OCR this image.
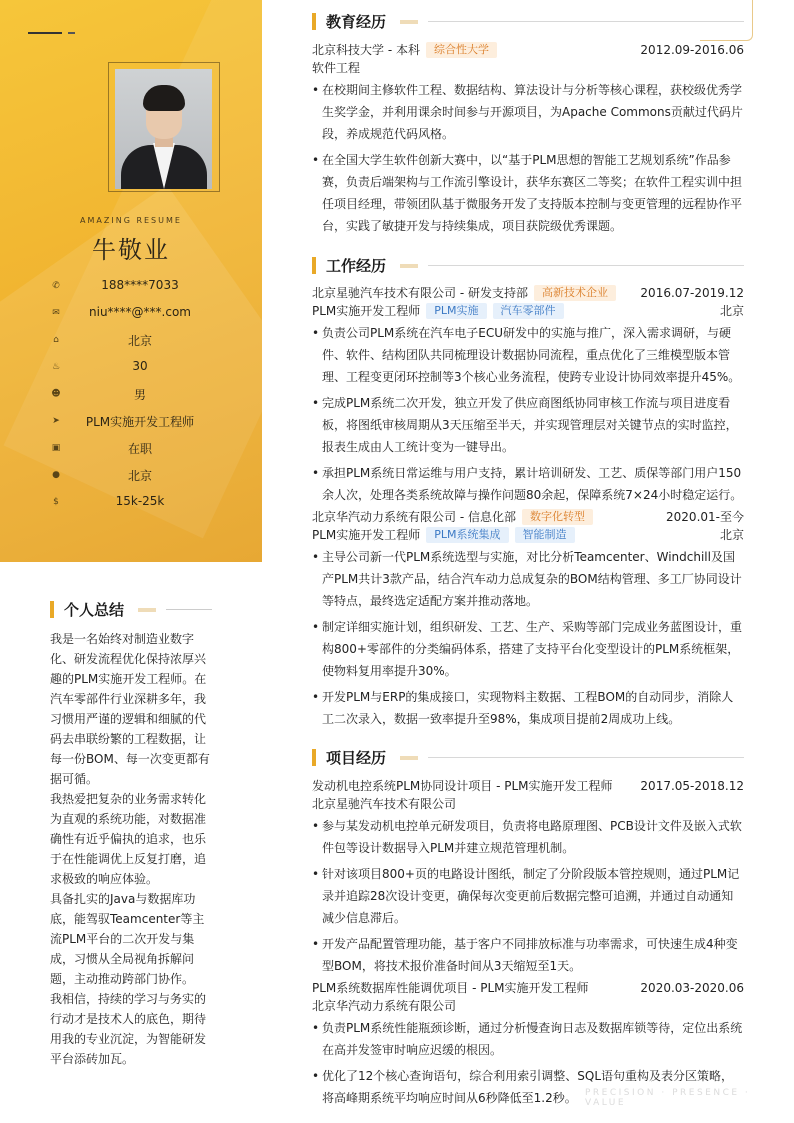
AMAZING RESUME
牛敬业
✆	188****7033
✉	niu****@***.com
⌂	北京
♨	30
☻	男
➤	PLM实施开发工程师
▣	在职
●	北京
$	15k-25k
个人总结

我是一名始终对制造业数字化、研发流程优化保持浓厚兴趣的PLM实施开发工程师。在汽车零部件行业深耕多年，我习惯用严谨的逻辑和细腻的代码去串联纷繁的工程数据，让每一份BOM、每一次变更都有据可循。

我热爱把复杂的业务需求转化为直观的系统功能，对数据准确性有近乎偏执的追求，也乐于在性能调优上反复打磨，追求极致的响应体验。

具备扎实的Java与数据库功底，能驾驭Teamcenter等主流PLM平台的二次开发与集成，习惯从全局视角拆解问题，主动推动跨部门协作。

我相信，持续的学习与务实的行动才是技术人的底色，期待用我的专业沉淀，为智能研发平台添砖加瓦。

教育经历
北京科技大学 - 本科 综合性大学	2012.09-2016.06
软件工程
• 在校期间主修软件工程、数据结构、算法设计与分析等核心课程，获校级优秀学生奖学金，并利用课余时间参与开源项目，为Apache Commons贡献过代码片段，养成规范代码风格。
• 在全国大学生软件创新大赛中，以“基于PLM思想的智能工艺规划系统”作品参赛，负责后端架构与工作流引擎设计，获华东赛区二等奖；在软件工程实训中担任项目经理，带领团队基于微服务开发了支持版本控制与变更管理的远程协作平台，实践了敏捷开发与持续集成，项目获院级优秀课题。
工作经历
北京星驰汽车技术有限公司 - 研发支持部 高新技术企业	2016.07-2019.12
PLM实施开发工程师 PLM实施 汽车零部件	北京
• 负责公司PLM系统在汽车电子ECU研发中的实施与推广，深入需求调研，与硬件、软件、结构团队共同梳理设计数据协同流程，重点优化了三维模型版本管理、工程变更闭环控制等3个核心业务流程，使跨专业设计协同效率提升45%。
• 完成PLM系统二次开发，独立开发了供应商图纸协同审核工作流与项目进度看板，将图纸审核周期从3天压缩至半天，并实现管理层对关键节点的实时监控，报表生成由人工统计变为一键导出。
• 承担PLM系统日常运维与用户支持，累计培训研发、工艺、质保等部门用户150余人次，处理各类系统故障与操作问题80余起，保障系统7×24小时稳定运行。
北京华汽动力系统有限公司 - 信息化部 数字化转型	2020.01-至今
PLM实施开发工程师 PLM系统集成 智能制造	北京
• 主导公司新一代PLM系统选型与实施，对比分析Teamcenter、Windchill及国产PLM共计3款产品，结合汽车动力总成复杂的BOM结构管理、多工厂协同设计等特点，最终选定适配方案并推动落地。
• 制定详细实施计划，组织研发、工艺、生产、采购等部门完成业务蓝图设计，重构800+零部件的分类编码体系，搭建了支持平台化变型设计的PLM系统框架，使物料复用率提升30%。
• 开发PLM与ERP的集成接口，实现物料主数据、工程BOM的自动同步，消除人工二次录入，数据一致率提升至98%，集成项目提前2周成功上线。
项目经历
发动机电控系统PLM协同设计项目 - PLM实施开发工程师 2017.05-2018.12
北京星驰汽车技术有限公司
• 参与某发动机电控单元研发项目，负责将电路原理图、PCB设计文件及嵌入式软件包等设计数据导入PLM并建立规范管理机制。
• 针对该项目800+页的电路设计图纸，制定了分阶段版本管控规则，通过PLM记录并追踪28次设计变更，确保每次变更前后数据完整可追溯，并通过自动通知减少信息滞后。
• 开发产品配置管理功能，基于客户不同排放标准与功率需求，可快速生成4种变型BOM，将技术报价准备时间从3天缩短至1天。
PLM系统数据库性能调优项目 - PLM实施开发工程师	2020.03-2020.06
北京华汽动力系统有限公司
• 负责PLM系统性能瓶颈诊断，通过分析慢查询日志及数据库锁等待，定位出系统在高并发签审时响应迟缓的根因。
• 优化了12个核心查询语句，综合利用索引调整、SQL语句重构及表分区策略，将高峰期系统平均响应时间从6秒降低至1.2秒。 PRECISION · PRESENCE · VALUE
